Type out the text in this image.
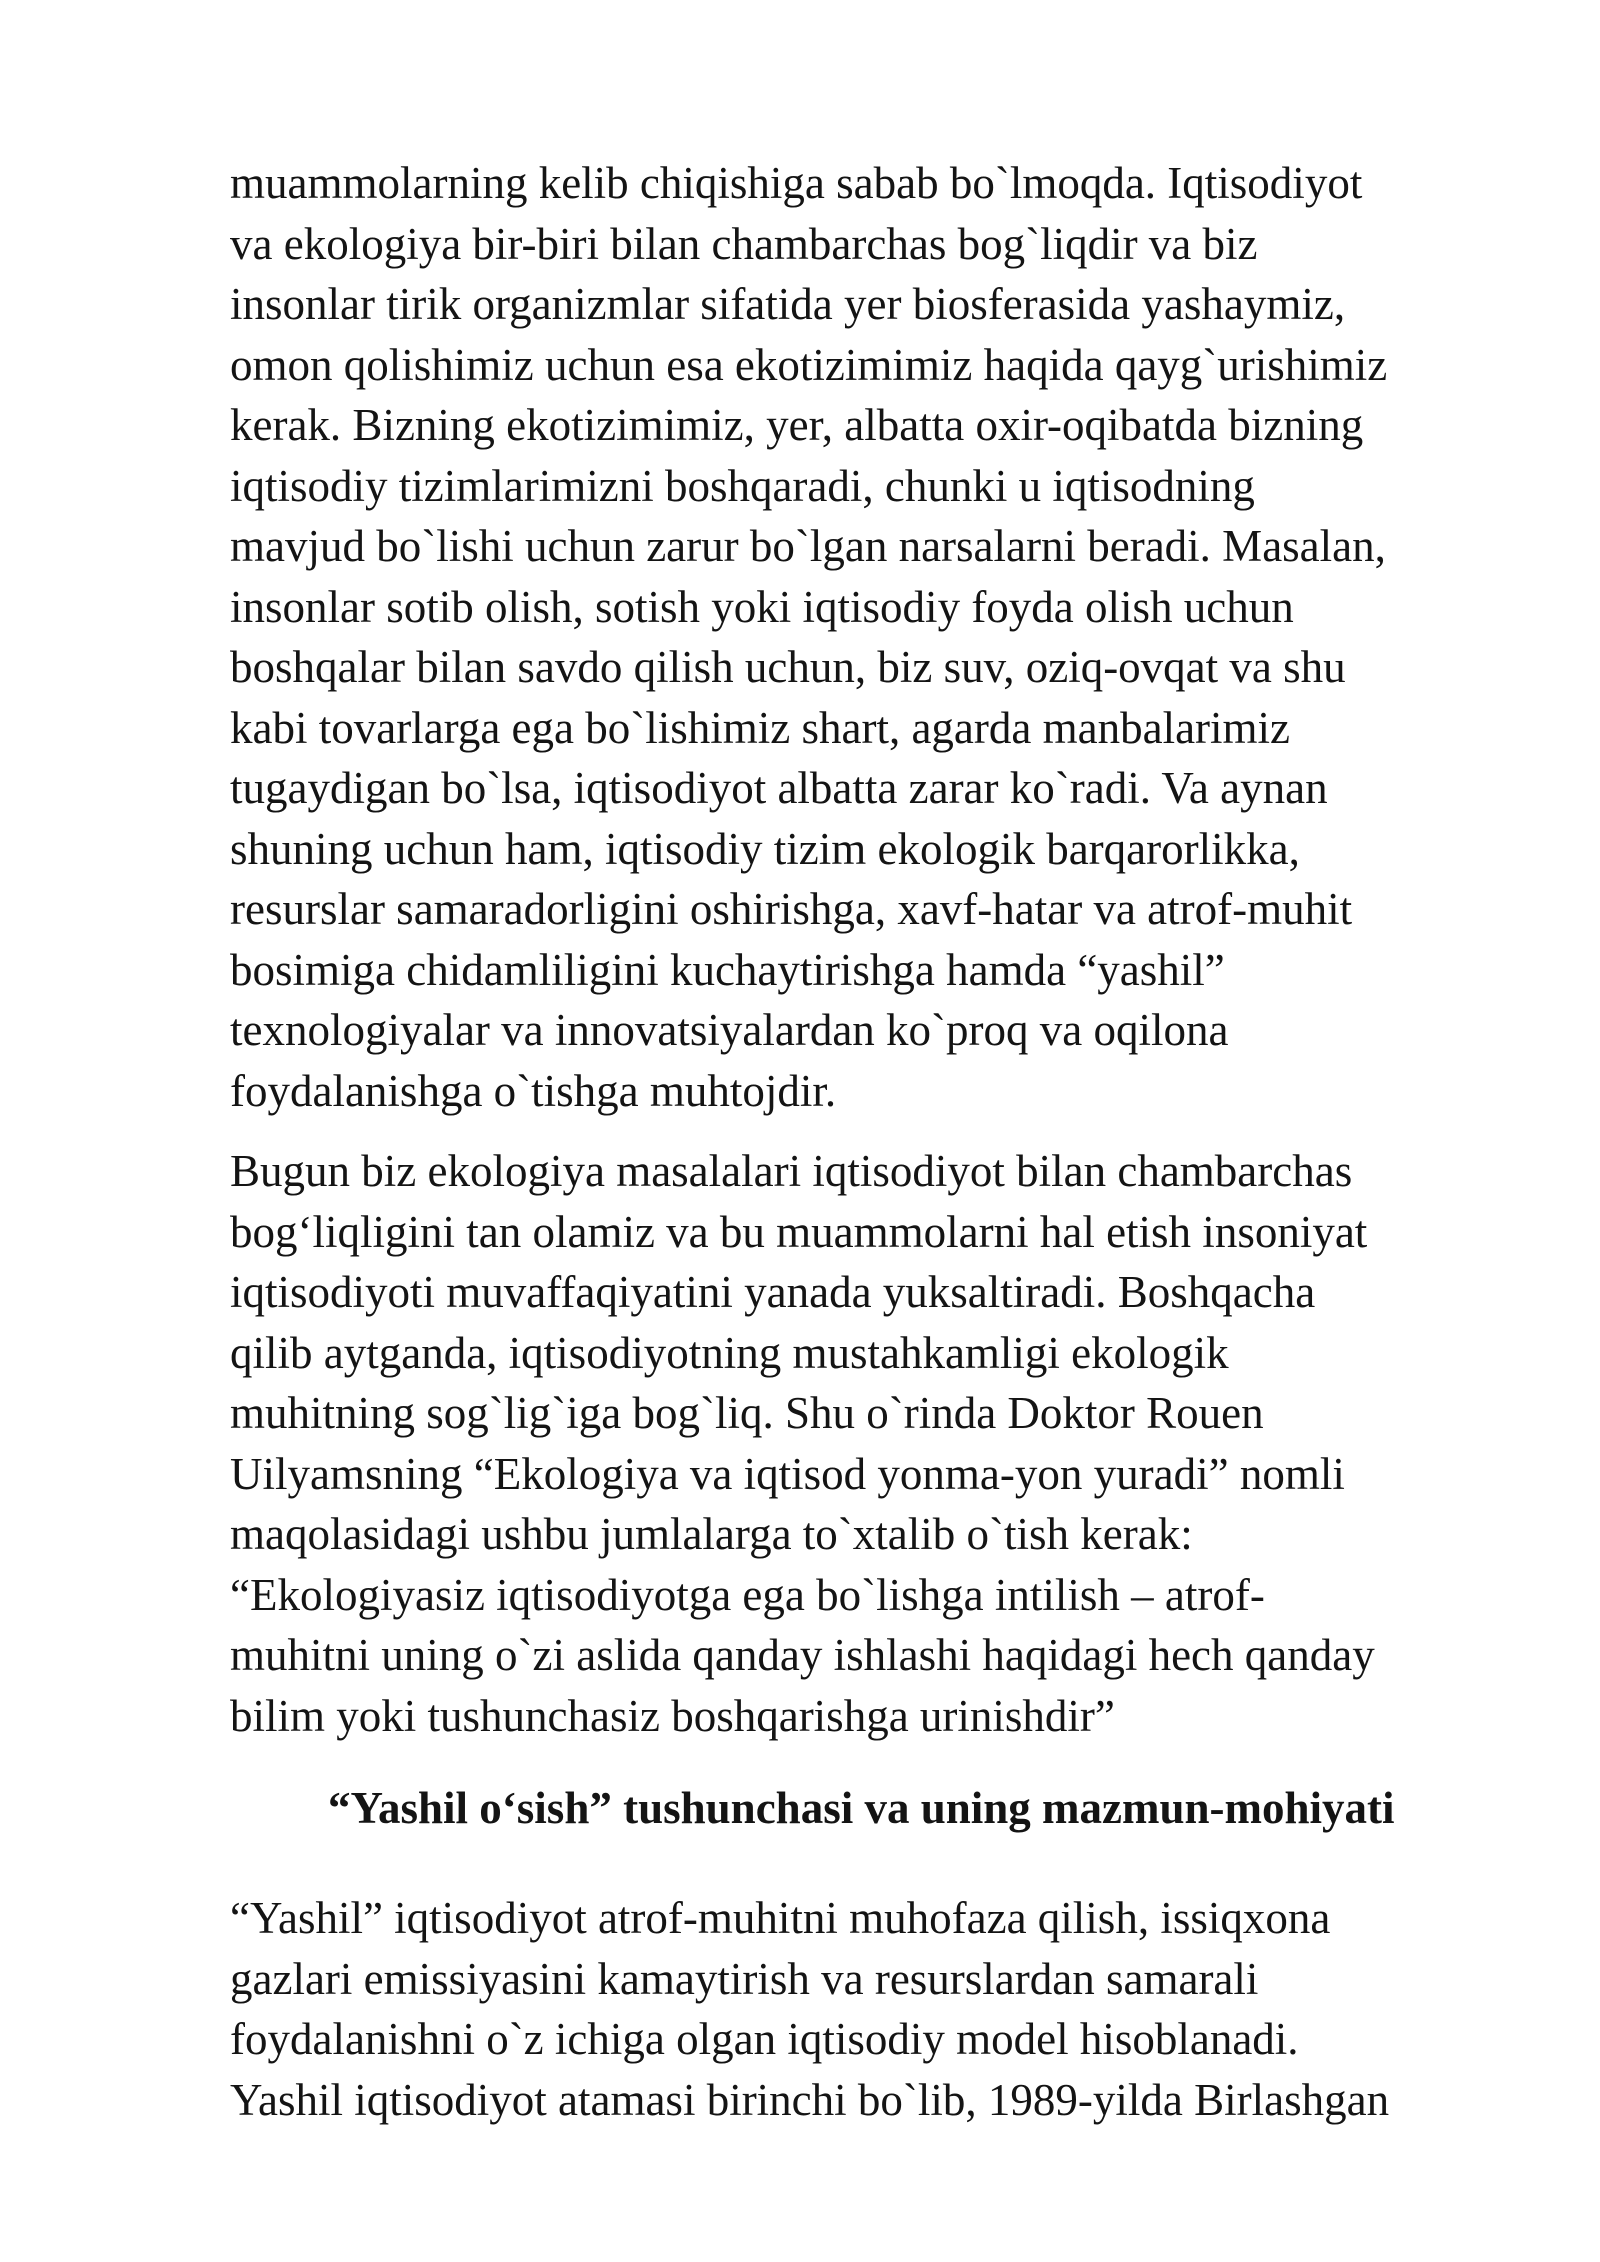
muammolarning kelib chiqishiga sabab bo`lmoqda. Iqtisodiyot
va ekologiya bir-biri bilan chambarchas bog`liqdir va biz
insonlar tirik organizmlar sifatida yer biosferasida yashaymiz,
omon qolishimiz uchun esa ekotizimimiz haqida qayg`urishimiz
kerak. Bizning ekotizimimiz, yer, albatta oxir-oqibatda bizning
iqtisodiy tizimlarimizni boshqaradi, chunki u iqtisodning
mavjud bo`lishi uchun zarur bo`lgan narsalarni beradi. Masalan,
insonlar sotib olish, sotish yoki iqtisodiy foyda olish uchun
boshqalar bilan savdo qilish uchun, biz suv, oziq-ovqat va shu
kabi tovarlarga ega bo`lishimiz shart, agarda manbalarimiz
tugaydigan bo`lsa, iqtisodiyot albatta zarar ko`radi. Va aynan
shuning uchun ham, iqtisodiy tizim ekologik barqarorlikka,
resurslar samaradorligini oshirishga, xavf-hatar va atrof-muhit
bosimiga chidamliligini kuchaytirishga hamda “yashil”
texnologiyalar va innovatsiyalardan ko`proq va oqilona
foydalanishga o`tishga muhtojdir.
Bugun biz ekologiya masalalari iqtisodiyot bilan chambarchas
bog‘liqligini tan olamiz va bu muammolarni hal etish insoniyat
iqtisodiyoti muvaffaqiyatini yanada yuksaltiradi. Boshqacha
qilib aytganda, iqtisodiyotning mustahkamligi ekologik
muhitning sog`lig`iga bog`liq. Shu o`rinda Doktor Rouen
Uilyamsning “Ekologiya va iqtisod yonma-yon yuradi” nomli
maqolasidagi ushbu jumlalarga to`xtalib o`tish kerak:
“Ekologiyasiz iqtisodiyotga ega bo`lishga intilish – atrof-
muhitni uning o`zi aslida qanday ishlashi haqidagi hech qanday
bilim yoki tushunchasiz boshqarishga urinishdir”
“Yashil o‘sish” tushunchasi va uning mazmun-mohiyati
“Yashil” iqtisodiyot atrof-muhitni muhofaza qilish, issiqxona
gazlari emissiyasini kamaytirish va resurslardan samarali
foydalanishni o`z ichiga olgan iqtisodiy model hisoblanadi.
Yashil iqtisodiyot atamasi birinchi bo`lib, 1989-yilda Birlashgan
